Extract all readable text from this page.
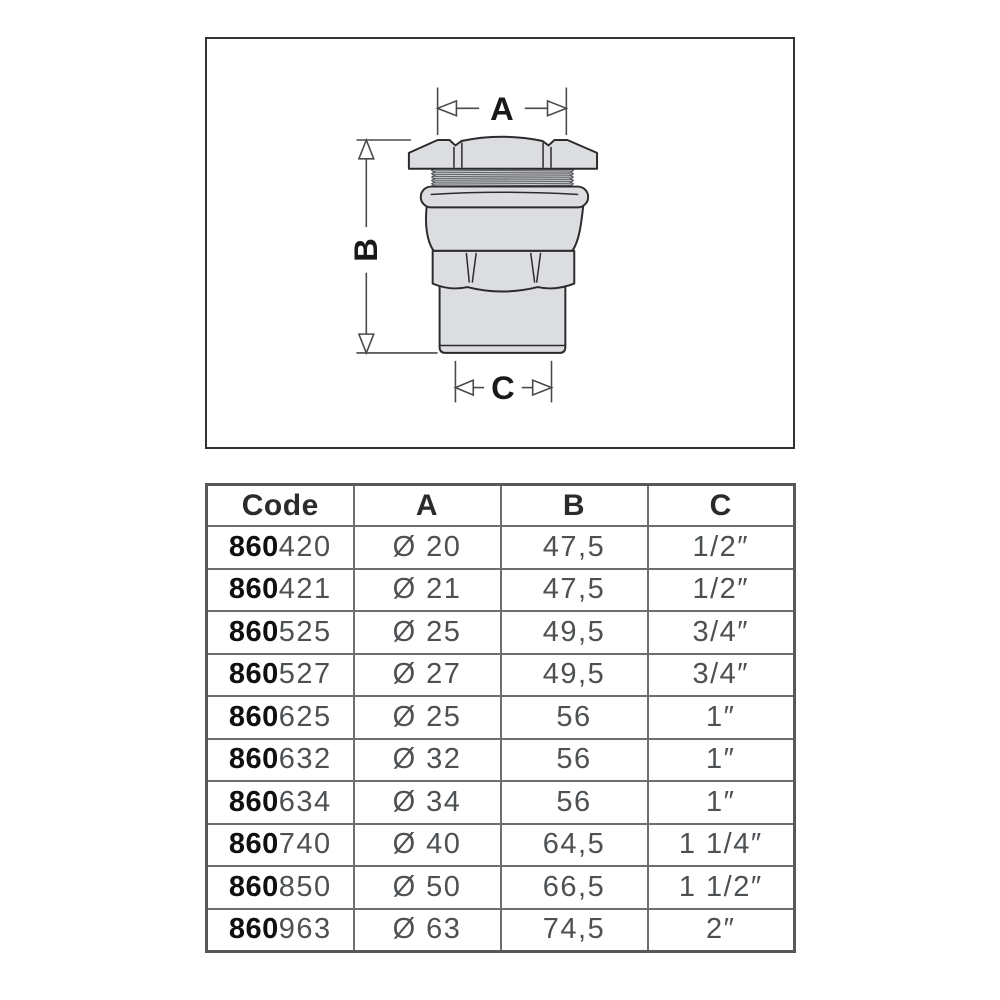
A
B
C
Code	A	B	C
860420	Ø 20	47,5	1/2″
860421	Ø 21	47,5	1/2″
860525	Ø 25	49,5	3/4″
860527	Ø 27	49,5	3/4″
860625	Ø 25	56	1″
860632	Ø 32	56	1″
860634	Ø 34	56	1″
860740	Ø 40	64,5	1 1/4″
860850	Ø 50	66,5	1 1/2″
860963	Ø 63	74,5	2″
